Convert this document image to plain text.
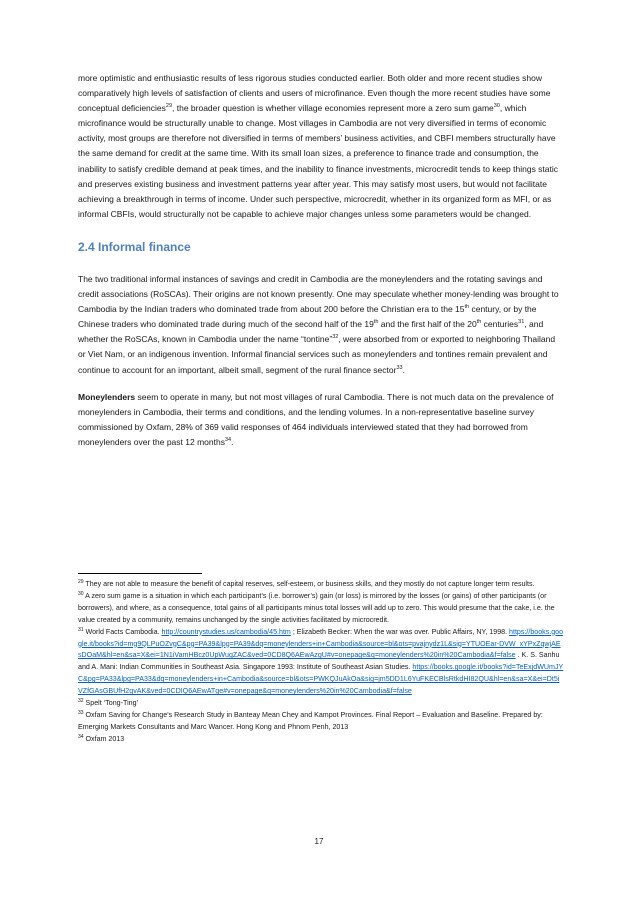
more optimistic and enthusiastic results of less rigorous studies conducted earlier. Both older and more recent studies show comparatively high levels of satisfaction of clients and users of microfinance. Even though the more recent studies have some conceptual deficiencies$^{29}$, the broader question is whether village economies represent more a zero sum game$^{30}$, which microfinance would be structurally unable to change. Most villages in Cambodia are not very diversified in terms of economic activity, most groups are therefore not diversified in terms of members’ business activities, and CBFI members structurally have the same demand for credit at the same time. With its small loan sizes, a preference to finance trade and consumption, the inability to satisfy credible demand at peak times, and the inability to finance investments, microcredit tends to keep things static and preserves existing business and investment patterns year after year. This may satisfy most users, but would not facilitate achieving a breakthrough in terms of income. Under such perspective, microcredit, whether in its organized form as MFI, or as informal CBFIs, would structurally not be capable to achieve major changes unless some parameters would be changed.

2.4 Informal finance

The two traditional informal instances of savings and credit in Cambodia are the moneylenders and the rotating savings and credit associations (RoSCAs). Their origins are not known presently. One may speculate whether money-lending was brought to Cambodia by the Indian traders who dominated trade from about 200 before the Christian era to the 15th century, or by the Chinese traders who dominated trade during much of the second half of the 19th and the first half of the 20th centuries$^{31}$, and whether the RoSCAs, known in Cambodia under the name “tontine”$^{32}$, were absorbed from or exported to neighboring Thailand or Viet Nam, or an indigenous invention. Informal financial services such as moneylenders and tontines remain prevalent and continue to account for an important, albeit small, segment of the rural finance sector$^{33}$.

Moneylenders seem to operate in many, but not most villages of rural Cambodia. There is not much data on the prevalence of moneylenders in Cambodia, their terms and conditions, and the lending volumes. In a non-representative baseline survey commissioned by Oxfam, 28% of 369 valid responses of 464 individuals interviewed stated that they had borrowed from moneylenders over the past 12 months$^{34}$.

$^{29}$ They are not able to measure the benefit of capital reserves, self-esteem, or business skills, and they mostly do not capture longer term results.

$^{30}$ A zero sum game is a situation in which each participant’s (i.e. borrower’s) gain (or loss) is mirrored by the losses (or gains) of other participants (or borrowers), and where, as a consequence, total gains of all participants minus total losses will add up to zero. This would presume that the cake, i.e. the value created by a community, remains unchanged by the single activities facilitated by microcredit.

$^{31}$ World Facts Cambodia. http://countrystudies.us/cambodia/45.htm ; Elizabeth Becker: When the war was over. Public Affairs, NY, 1998. https://books.google.it/books?id=mg9QLPuOZvgC&pg=PA39&lpg=PA39&dq=moneylenders+in+Cambodia&source=bl&ots=pvajnydz1L&sig=YTUOEar-DVW_xYPxZqwjAEsDOaM&hl=en&sa=X&ei=1N1iVamHBcz0UpWugZAC&ved=0CD8Q6AEwAzgU#v=onepage&q=moneylenders%20in%20Cambodia&f=false . K. S. Sanhu and A. Mani: Indian Communities in Southeast Asia. Singapore 1993: Institute of Southeast Asian Studies. https://books.google.it/books?id=TeExjdWUmJYC&pg=PA33&lpg=PA33&dq=moneylenders+in+Cambodia&source=bl&ots=PWKQJuAkOa&sig=jm5DD1L6YuFKECBlsRtkdHI82QU&hl=en&sa=X&ei=Dt5iVZfGAsGBUfH2gvAK&ved=0CDIQ6AEwATge#v=onepage&q=moneylenders%20in%20Cambodia&f=false

$^{32}$ Spelt ‘Tong-Ting’

$^{33}$ Oxfam Saving for Change’s Research Study in Banteay Mean Chey and Kampot Provinces. Final Report – Evaluation and Baseline. Prepared by: Emerging Markets Consultants and Marc Wancer. Hong Kong and Phnom Penh, 2013

$^{34}$ Oxfam 2013

17
